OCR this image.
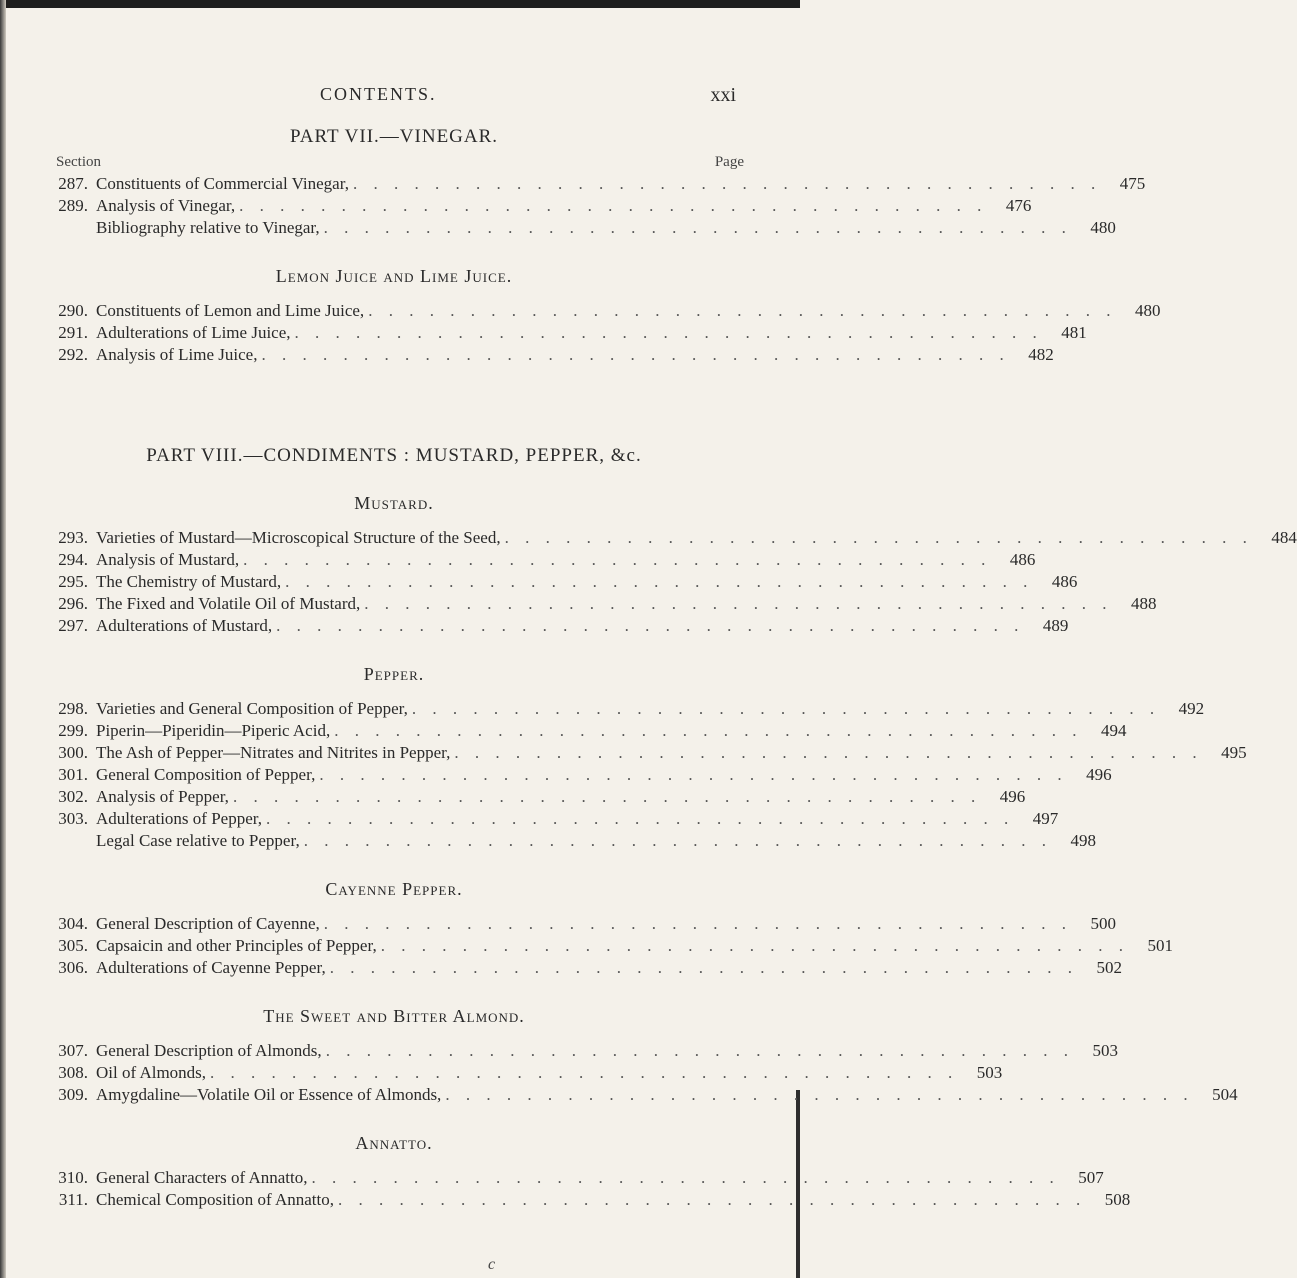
CONTENTS.	xxi
PART VII.—VINEGAR.
Section	Page
287. Constituents of Commercial Vinegar, . . . . . . . . . . . . . . . . . . . . . . . . . . . . . . . . . . . . .	475
289. Analysis of Vinegar, . . . . . . . . . . . . . . . . . . . . . . . . . . . . . . . . . . . . .	476
Bibliography relative to Vinegar, . . . . . . . . . . . . . . . . . . . . . . . . . . . . . . . . . . . . .	480
Lemon Juice and Lime Juice.
290. Constituents of Lemon and Lime Juice, . . . . . . . . . . . . . . . . . . . . . . . . . . . . . . . . . . . . .	480
291. Adulterations of Lime Juice, . . . . . . . . . . . . . . . . . . . . . . . . . . . . . . . . . . . . .	481
292. Analysis of Lime Juice, . . . . . . . . . . . . . . . . . . . . . . . . . . . . . . . . . . . . .	482
PART VIII.—CONDIMENTS : MUSTARD, PEPPER, &c.
Mustard.
293. Varieties of Mustard—Microscopical Structure of the Seed, . . . . . . . . . . . . . . . . . . . . . . . . . . . . . . . . . . . . .	484
294. Analysis of Mustard, . . . . . . . . . . . . . . . . . . . . . . . . . . . . . . . . . . . . .	486
295. The Chemistry of Mustard, . . . . . . . . . . . . . . . . . . . . . . . . . . . . . . . . . . . . .	486
296. The Fixed and Volatile Oil of Mustard, . . . . . . . . . . . . . . . . . . . . . . . . . . . . . . . . . . . . .	488
297. Adulterations of Mustard, . . . . . . . . . . . . . . . . . . . . . . . . . . . . . . . . . . . . .	489
Pepper.
298. Varieties and General Composition of Pepper, . . . . . . . . . . . . . . . . . . . . . . . . . . . . . . . . . . . . .	492
299. Piperin—Piperidin—Piperic Acid, . . . . . . . . . . . . . . . . . . . . . . . . . . . . . . . . . . . . .	494
300. The Ash of Pepper—Nitrates and Nitrites in Pepper, . . . . . . . . . . . . . . . . . . . . . . . . . . . . . . . . . . . . .	495
301. General Composition of Pepper, . . . . . . . . . . . . . . . . . . . . . . . . . . . . . . . . . . . . .	496
302. Analysis of Pepper, . . . . . . . . . . . . . . . . . . . . . . . . . . . . . . . . . . . . .	496
303. Adulterations of Pepper, . . . . . . . . . . . . . . . . . . . . . . . . . . . . . . . . . . . . .	497
Legal Case relative to Pepper, . . . . . . . . . . . . . . . . . . . . . . . . . . . . . . . . . . . . .	498
Cayenne Pepper.
304. General Description of Cayenne, . . . . . . . . . . . . . . . . . . . . . . . . . . . . . . . . . . . . .	500
305. Capsaicin and other Principles of Pepper, . . . . . . . . . . . . . . . . . . . . . . . . . . . . . . . . . . . . .	501
306. Adulterations of Cayenne Pepper, . . . . . . . . . . . . . . . . . . . . . . . . . . . . . . . . . . . . .	502
The Sweet and Bitter Almond.
307. General Description of Almonds, . . . . . . . . . . . . . . . . . . . . . . . . . . . . . . . . . . . . .	503
308. Oil of Almonds, . . . . . . . . . . . . . . . . . . . . . . . . . . . . . . . . . . . . .	503
309. Amygdaline—Volatile Oil or Essence of Almonds, . . . . . . . . . . . . . . . . . . . . . . . . . . . . . . . . . . . . .	504
Annatto.
310. General Characters of Annatto, . . . . . . . . . . . . . . . . . . . . . . . . . . . . . . . . . . . . .	507
311. Chemical Composition of Annatto, . . . . . . . . . . . . . . . . . . . . . . . . . . . . . . . . . . . . .	508
c
